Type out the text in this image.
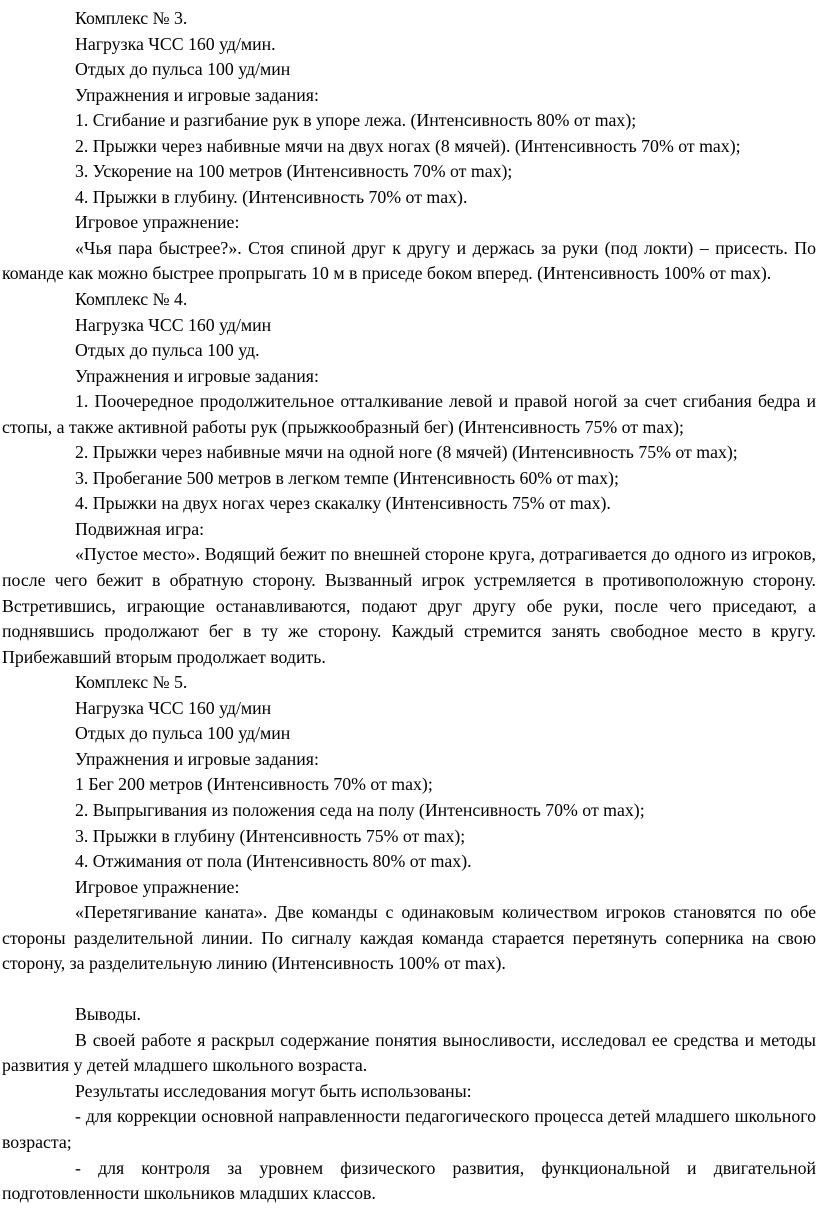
Комплекс № 3.

Нагрузка ЧСС 160 уд/мин.

Отдых до пульса 100 уд/мин

Упражнения и игровые задания:

1. Сгибание и разгибание рук в упоре лежа. (Интенсивность 80% от max);

2. Прыжки через набивные мячи на двух ногах (8 мячей). (Интенсивность 70% от max);

3. Ускорение на 100 метров (Интенсивность 70% от max);

4. Прыжки в глубину. (Интенсивность 70% от max).

Игровое упражнение:

«Чья пара быстрее?». Стоя спиной друг к другу и держась за руки (под локти) – присесть. По команде как можно быстрее пропрыгать 10 м в приседе боком вперед. (Интенсивность 100% от max).

Комплекс № 4.

Нагрузка ЧСС 160 уд/мин

Отдых до пульса 100 уд.

Упражнения и игровые задания:

1. Поочередное продолжительное отталкивание левой и правой ногой за счет сгибания бедра и стопы, а также активной работы рук (прыжкообразный бег) (Интенсивность 75% от max);

2. Прыжки через набивные мячи на одной ноге (8 мячей) (Интенсивность 75% от max);

3. Пробегание 500 метров в легком темпе (Интенсивность 60% от max);

4. Прыжки на двух ногах через скакалку (Интенсивность 75% от max).

Подвижная игра:

«Пустое место». Водящий бежит по внешней стороне круга, дотрагивается до одного из игроков, после чего бежит в обратную сторону. Вызванный игрок устремляется в противоположную сторону. Встретившись, играющие останавливаются, подают друг другу обе руки, после чего приседают, а поднявшись продолжают бег в ту же сторону. Каждый стремится занять свободное место в кругу. Прибежавший вторым продолжает водить.

Комплекс № 5.

Нагрузка ЧСС 160 уд/мин

Отдых до пульса 100 уд/мин

Упражнения и игровые задания:

1 Бег 200 метров (Интенсивность 70% от max);

2. Выпрыгивания из положения седа на полу (Интенсивность 70% от max);

3. Прыжки в глубину (Интенсивность 75% от max);

4. Отжимания от пола (Интенсивность 80% от max).

Игровое упражнение:

«Перетягивание каната». Две команды с одинаковым количеством игроков становятся по обе стороны разделительной линии. По сигналу каждая команда старается перетянуть соперника на свою сторону, за разделительную линию (Интенсивность 100% от max).

Выводы.

В своей работе я раскрыл содержание понятия выносливости, исследовал ее средства и методы развития у детей младшего школьного возраста.

Результаты исследования могут быть использованы:

- для коррекции основной направленности педагогического процесса детей младшего школьного возраста;

- для контроля за уровнем физического развития, функциональной и двигательной подготовленности школьников младших классов.
